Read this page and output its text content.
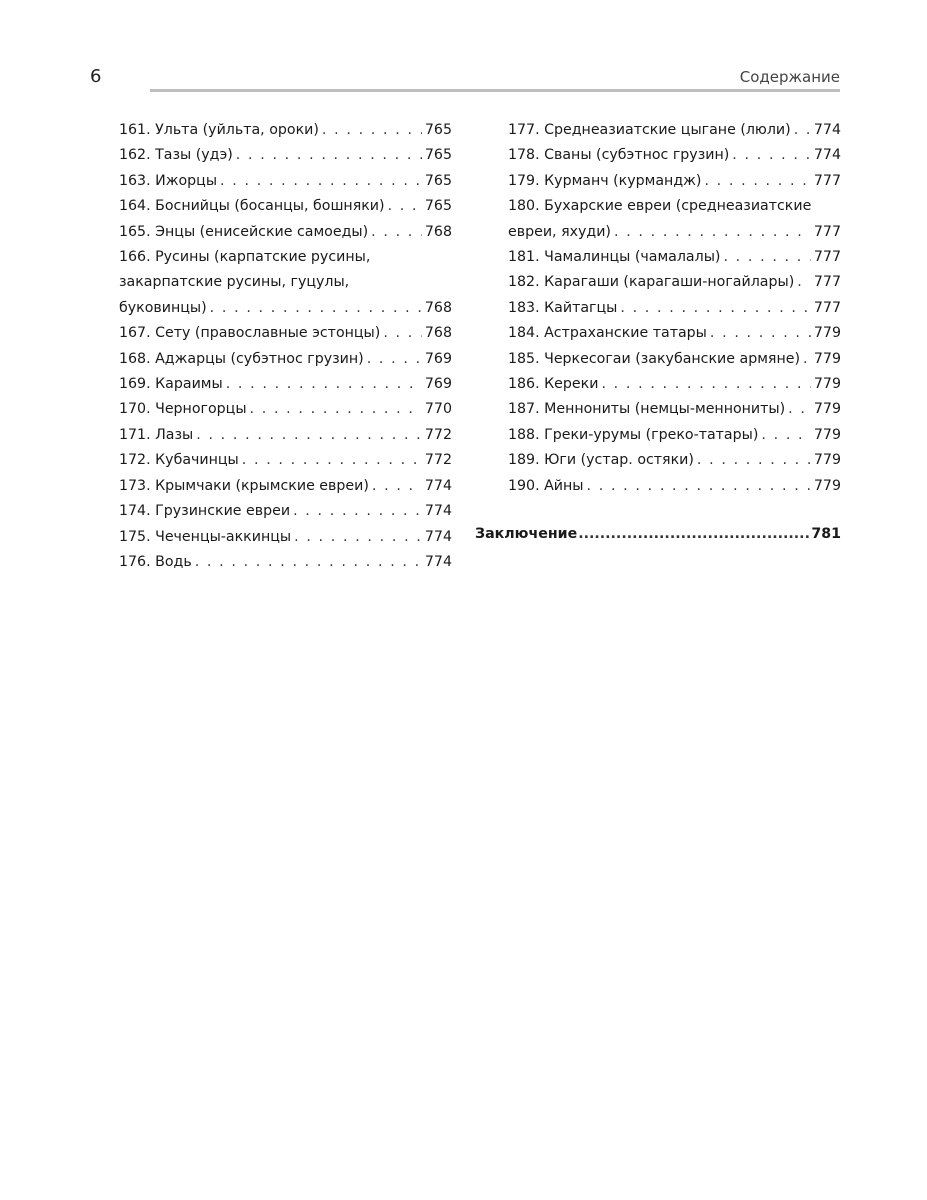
6	Содержание
161. Ульта (уйльта, ороки) . . .	765
162. Тазы (удэ) . . .	765
163. Ижорцы . . .	765
164. Боснийцы (босанцы, бошняки) . . .	765
165. Энцы (енисейские самоеды) . . .	768
166. Русины (карпатские русины,
закарпатские русины, гуцулы,
буковинцы) . . .	768
167. Сету (православные эстонцы) . . .	768
168. Аджарцы (субэтнос грузин) . . .	769
169. Караимы . . .	769
170. Черногорцы . . .	770
171. Лазы . . .	772
172. Кубачинцы . . .	772
173. Крымчаки (крымские евреи) . . .	774
174. Грузинские евреи . . .	774
175. Чеченцы-аккинцы . . .	774
176. Водь . . .	774
177. Среднеазиатские цыгане (люли) . . . 774
178. Сваны (субэтнос грузин) . . .	774
179. Курманч (курмандж) . . .	777
180. Бухарские евреи (среднеазиатские
евреи, яхуди) . . .	777
181. Чамалинцы (чамалалы) . . .	777
182. Карагаши (карагаши-ногайлары) . . . 777
183. Кайтагцы . . .	777
184. Астраханские татары . . .	779
185. Черкесогаи (закубанские армяне) . . . 779
186. Кереки . . .	779
187. Меннониты (немцы-меннониты) . . . 779
188. Греки-урумы (греко-татары) . . .	779
189. Юги (устар. остяки) . . .	779
190. Айны . . .	779
Заключение .....	781
